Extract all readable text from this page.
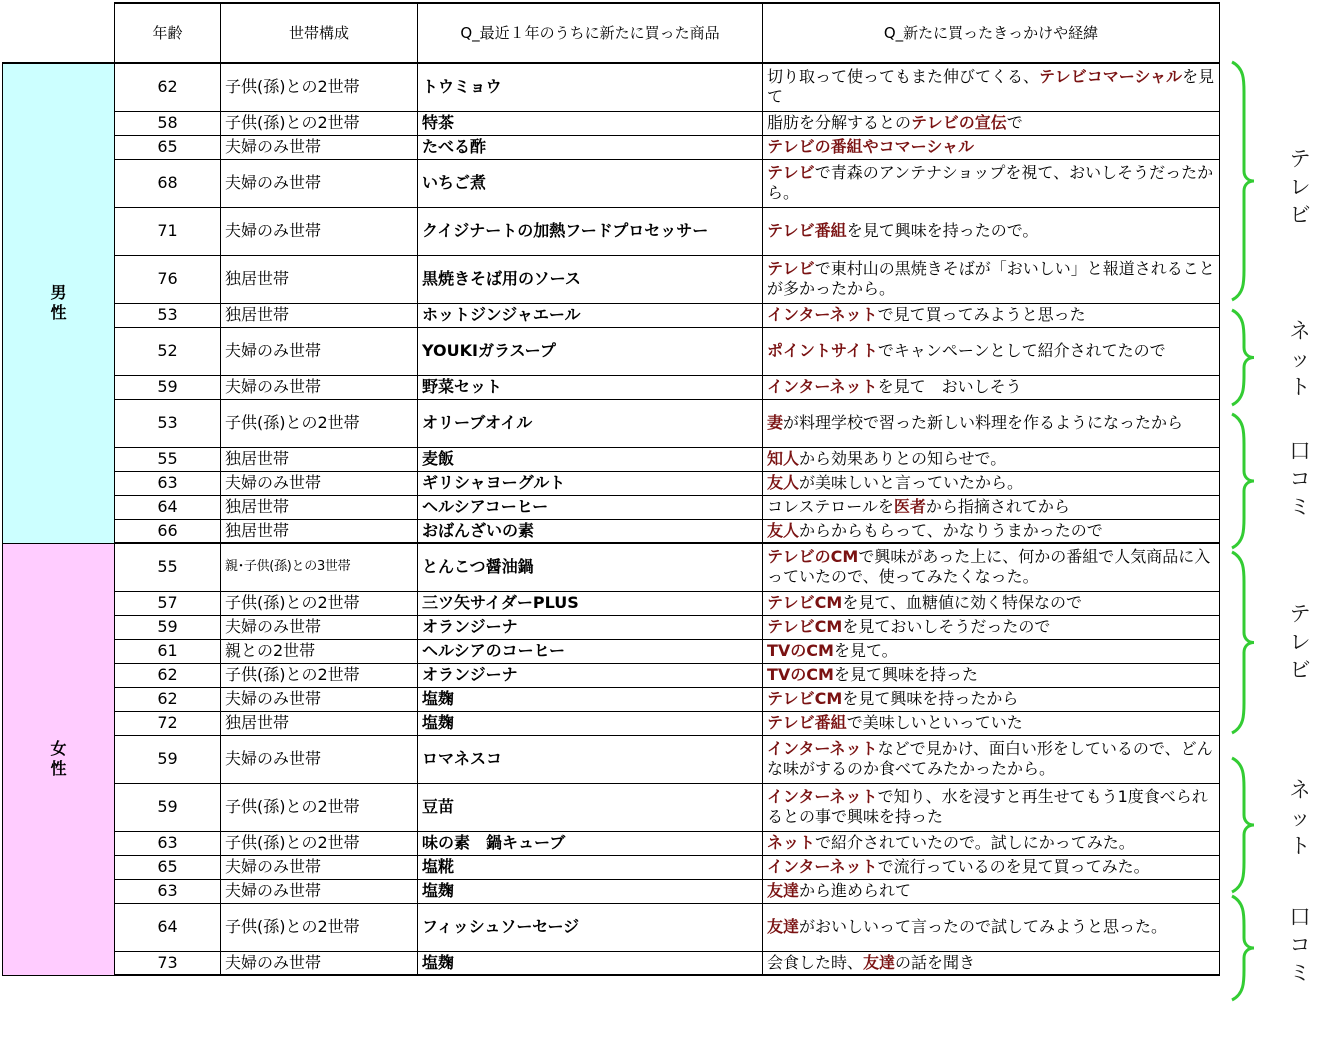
	年齢	世帯構成	Q_最近１年のうちに新たに買った商品	Q_新たに買ったきっかけや経緯

男
性	62	子供(孫)との2世帯	トウミョウ	切り取って使ってもまた伸びてくる、テレビコマーシャルを見て
	58	子供(孫)との2世帯	特茶	脂肪を分解するとのテレビの宣伝で
	65	夫婦のみ世帯	たべる酢	テレビの番組やコマーシャル
	68	夫婦のみ世帯	いちご煮	テレビで青森のアンテナショップを視て、おいしそうだったから。
	71	夫婦のみ世帯	クイジナートの加熱フードプロセッサー	テレビ番組を見て興味を持ったので。
	76	独居世帯	黒焼きそば用のソース	テレビで東村山の黒焼きそばが「おいしい」と報道されることが多かったから。
	53	独居世帯	ホットジンジャエール	インターネットで見て買ってみようと思った
	52	夫婦のみ世帯	YOUKIガラスープ	ポイントサイトでキャンペーンとして紹介されてたので
	59	夫婦のみ世帯	野菜セット	インターネットを見て　おいしそう
	53	子供(孫)との2世帯	オリーブオイル	妻が料理学校で習った新しい料理を作るようになったから
	55	独居世帯	麦飯	知人から効果ありとの知らせで。
	63	夫婦のみ世帯	ギリシャヨーグルト	友人が美味しいと言っていたから。
	64	独居世帯	ヘルシアコーヒー	コレステロールを医者から指摘されてから
	66	独居世帯	おばんざいの素	友人からからもらって、かなりうまかったので

女
性	55	親･子供(孫)との3世帯	とんこつ醤油鍋	テレビのCMで興味があった上に、何かの番組で人気商品に入っていたので、使ってみたくなった。
	57	子供(孫)との2世帯	三ツ矢サイダーPLUS	テレビCMを見て、血糖値に効く特保なので
	59	夫婦のみ世帯	オランジーナ	テレビCMを見ておいしそうだったので
	61	親との2世帯	ヘルシアのコーヒー	TVのCMを見て。
	62	子供(孫)との2世帯	オランジーナ	TVのCMを見て興味を持った
	62	夫婦のみ世帯	塩麹	テレビCMを見て興味を持ったから
	72	独居世帯	塩麹	テレビ番組で美味しいといっていた
	59	夫婦のみ世帯	ロマネスコ	インターネットなどで見かけ、面白い形をしているので、どんな味がするのか食べてみたかったから。
	59	子供(孫)との2世帯	豆苗	インターネットで知り、水を浸すと再生せてもう1度食べられるとの事で興味を持った
	63	子供(孫)との2世帯	味の素　鍋キューブ	ネットで紹介されていたので。試しにかってみた。
	65	夫婦のみ世帯	塩糀	インターネットで流行っているのを見て買ってみた。
	63	夫婦のみ世帯	塩麹	友達から進められて
	64	子供(孫)との2世帯	フィッシュソーセージ	友達がおいしいって言ったので試してみようと思った。
	73	夫婦のみ世帯	塩麹	会食した時、友達の話を聞き
テ
レ
ビ
ネ
ッ
ト
口
コ
ミ
テ
レ
ビ
ネ
ッ
ト
口
コ
ミ
